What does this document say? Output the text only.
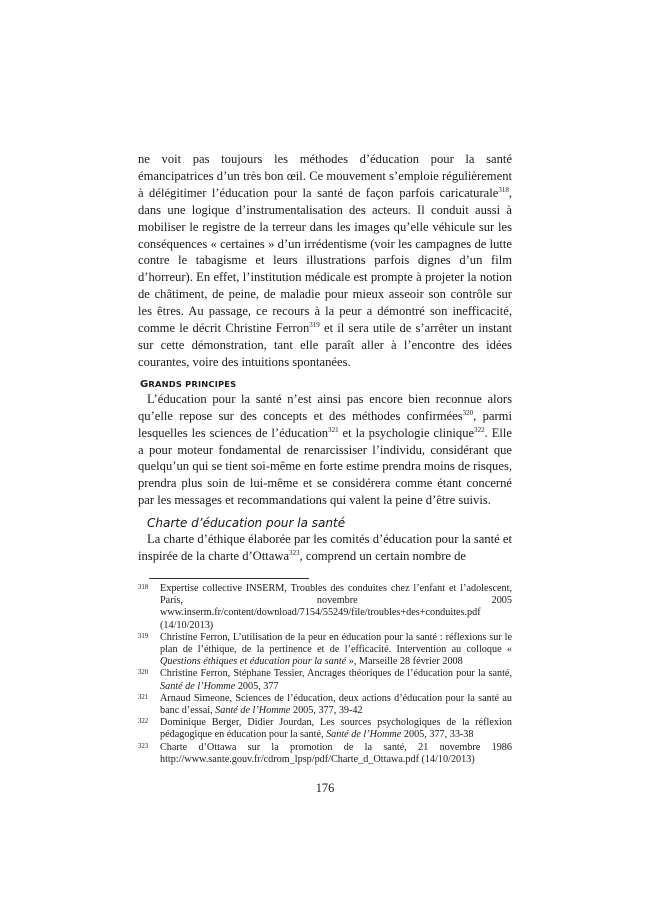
ne voit pas toujours les méthodes d’éducation pour la santé émancipatrices d’un très bon œil. Ce mouvement s’emploie régulièrement à délégitimer l’éducation pour la santé de façon parfois caricaturale$^{318}$, dans une logique d’instrumentalisation des acteurs. Il conduit aussi à mobiliser le registre de la terreur dans les images qu’elle véhicule sur les conséquences « certaines » d’un irrédentisme (voir les campagnes de lutte contre le tabagisme et leurs illustrations parfois dignes d’un film d’horreur). En effet, l’institution médicale est prompte à projeter la notion de châtiment, de peine, de maladie pour mieux asseoir son contrôle sur les êtres. Au passage, ce recours à la peur a démontré son inefficacité, comme le décrit Christine Ferron$^{319}$ et il sera utile de s’arrêter un instant sur cette démonstration, tant elle paraît aller à l’encontre des idées courantes, voire des intuitions spontanées.

GRANDS PRINCIPES

L’éducation pour la santé n’est ainsi pas encore bien reconnue alors qu’elle repose sur des concepts et des méthodes confirmées$^{320}$, parmi lesquelles les sciences de l’éducation$^{321}$ et la psychologie clinique$^{322}$. Elle a pour moteur fondamental de renarcissiser l’individu, considérant que quelqu’un qui se tient soi-même en forte estime prendra moins de risques, prendra plus soin de lui-même et se considérera comme étant concerné par les messages et recommandations qui valent la peine d’être suivis.

Charte d’éducation pour la santé

La charte d’éthique élaborée par les comités d’éducation pour la santé et inspirée de la charte d’Ottawa$^{323}$, comprend un certain nombre de

318 Expertise collective INSERM, Troubles des conduites chez l’enfant et l’adolescent, Paris, novembre 2005 www.inserm.fr/content/download/7154/55249/file/troubles+des+conduites.pdf (14/10/2013)

319 Christine Ferron, L’utilisation de la peur en éducation pour la santé : réflexions sur le plan de l’éthique, de la pertinence et de l’efficacité. Intervention au colloque « Questions éthiques et éducation pour la santé », Marseille 28 février 2008

320 Christine Ferron, Stéphane Tessier, Ancrages théoriques de l’éducation pour la santé, Santé de l’Homme 2005, 377

321 Arnaud Simeone, Sciences de l’éducation, deux actions d’éducation pour la santé au banc d’essai, Santé de l’Homme 2005, 377, 39-42

322 Dominique Berger, Didier Jourdan, Les sources psychologiques de la réflexion pédagogique en éducation pour la santé, Santé de l’Homme 2005, 377, 33-38

323 Charte d’Ottawa sur la promotion de la santé, 21 novembre 1986 http://www.sante.gouv.fr/cdrom_lpsp/pdf/Charte_d_Ottawa.pdf (14/10/2013)

176
